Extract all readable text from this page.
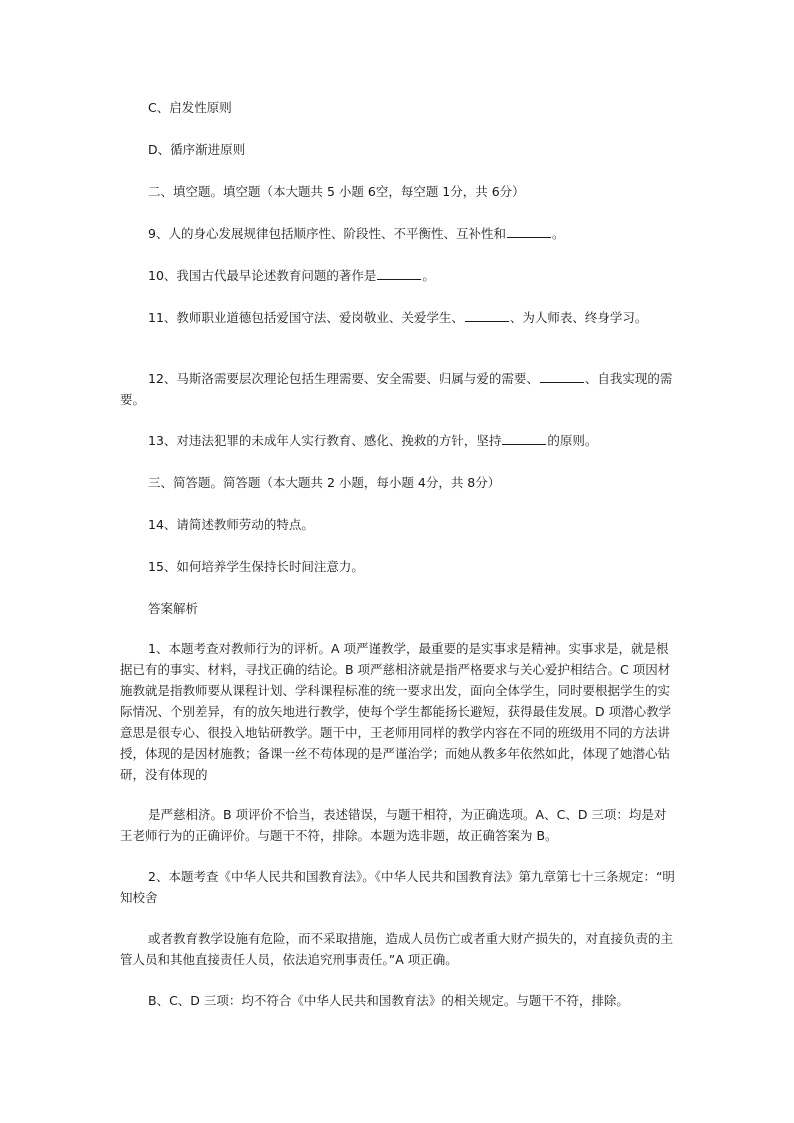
C、启发性原则

D、循序渐进原则

二、填空题。填空题（本大题共 5 小题 6空，每空题 1分，共 6分）

9、人的身心发展规律包括顺序性、阶段性、不平衡性、互补性和	。

10、我国古代最早论述教育问题的著作是	。

11、教师职业道德包括爱国守法、爱岗敬业、关爱学生、	、为人师表、终身学习。

12、马斯洛需要层次理论包括生理需要、安全需要、归属与爱的需要、	、自我实现的需要。

13、对违法犯罪的未成年人实行教育、感化、挽救的方针，坚持	的原则。

三、简答题。简答题（本大题共 2 小题，每小题 4分，共 8分）

14、请简述教师劳动的特点。

15、如何培养学生保持长时间注意力。

答案解析

1、本题考查对教师行为的评析。A 项严谨教学，最重要的是实事求是精神。实事求是，就是根据已有的事实、材料，寻找正确的结论。B 项严慈相济就是指严格要求与关心爱护相结合。C 项因材施教就是指教师要从课程计划、学科课程标准的统一要求出发，面向全体学生，同时要根据学生的实际情况、个别差异，有的放矢地进行教学，使每个学生都能扬长避短，获得最佳发展。D 项潜心教学意思是很专心、很投入地钻研教学。题干中，王老师用同样的教学内容在不同的班级用不同的方法讲授，体现的是因材施教；备课一丝不苟体现的是严谨治学；而她从教多年依然如此，体现了她潜心钻研，没有体现的

是严慈相济。B 项评价不恰当，表述错误，与题干相符，为正确选项。A、C、D 三项：均是对王老师行为的正确评价。与题干不符，排除。本题为选非题，故正确答案为 B。

2、本题考查《中华人民共和国教育法》。《中华人民共和国教育法》第九章第七十三条规定：“明知校舍

或者教育教学设施有危险，而不采取措施，造成人员伤亡或者重大财产损失的，对直接负责的主管人员和其他直接责任人员，依法追究刑事责任。”A 项正确。

B、C、D 三项：均不符合《中华人民共和国教育法》的相关规定。与题干不符，排除。
